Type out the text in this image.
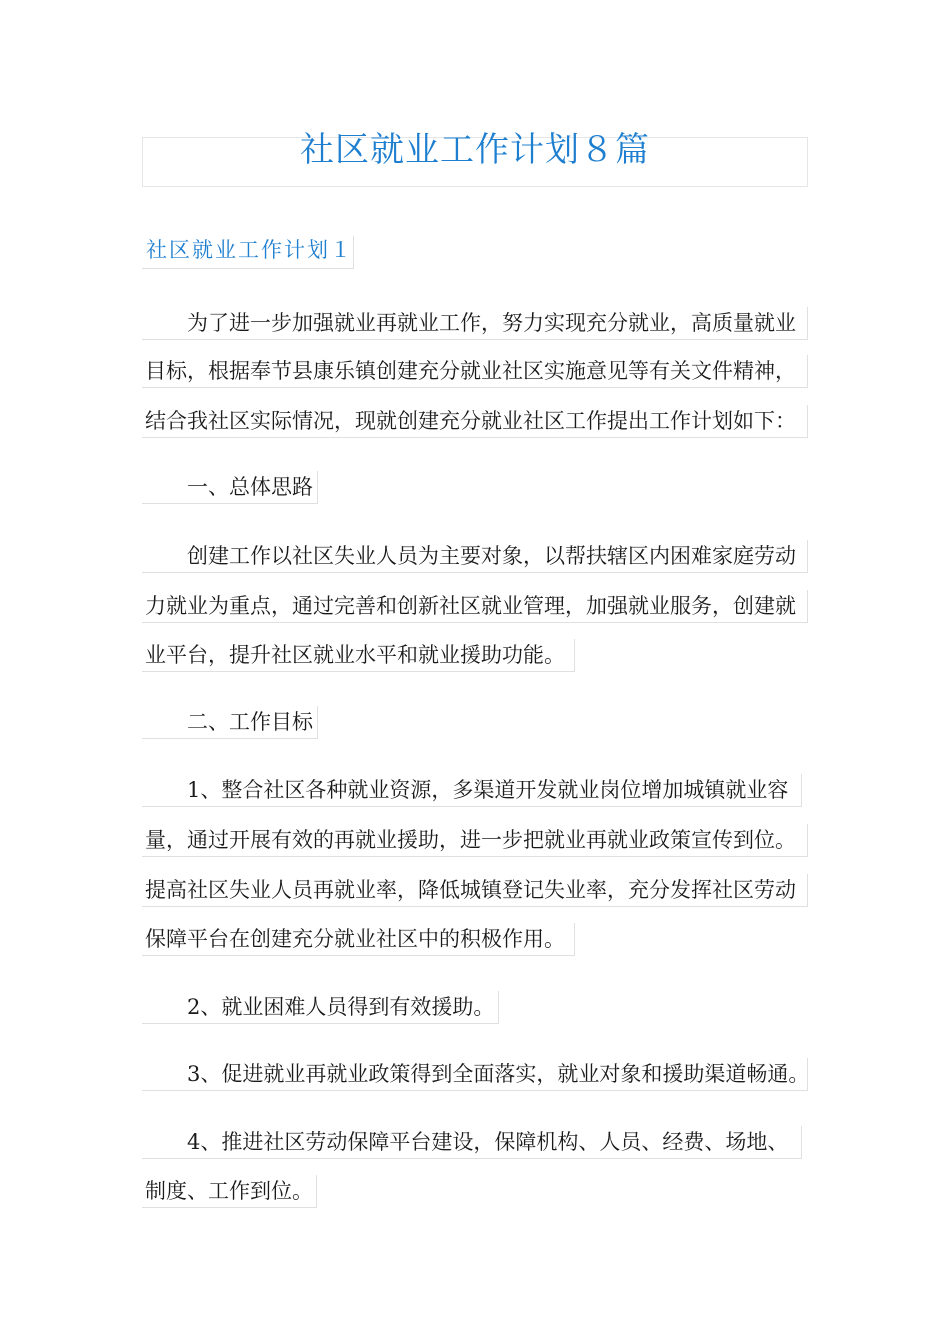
社区就业工作计划８篇
社区就业工作计划１
为了进一步加强就业再就业工作，努力实现充分就业，高质量就业
目标，根据奉节县康乐镇创建充分就业社区实施意见等有关文件精神，
结合我社区实际情况，现就创建充分就业社区工作提出工作计划如下：
一、总体思路
创建工作以社区失业人员为主要对象，以帮扶辖区内困难家庭劳动
力就业为重点，通过完善和创新社区就业管理，加强就业服务，创建就
业平台，提升社区就业水平和就业援助功能。
二、工作目标
1、整合社区各种就业资源，多渠道开发就业岗位增加城镇就业容
量，通过开展有效的再就业援助，进一步把就业再就业政策宣传到位。
提高社区失业人员再就业率，降低城镇登记失业率，充分发挥社区劳动
保障平台在创建充分就业社区中的积极作用。
2、就业困难人员得到有效援助。
3、促进就业再就业政策得到全面落实，就业对象和援助渠道畅通。
4、推进社区劳动保障平台建设，保障机构、人员、经费、场地、
制度、工作到位。
